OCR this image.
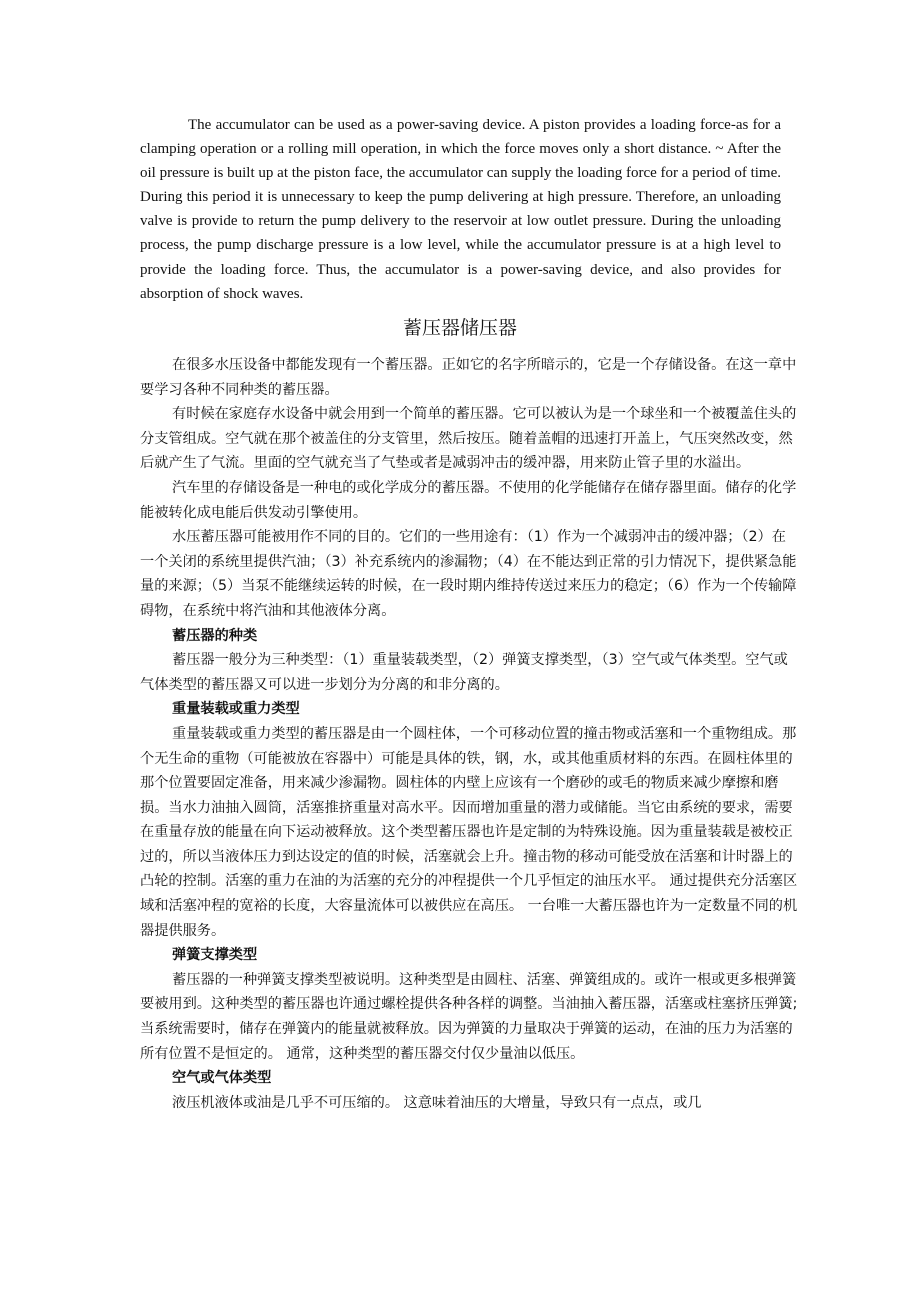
The accumulator can be used as a power-saving device. A piston provides a loading force-as for a clamping operation or a rolling mill operation, in which the force moves only a short distance. ~ After the oil pressure is built up at the piston face, the accumulator can supply the loading force for a period of time. During this period it is unnecessary to keep the pump delivering at high pressure. Therefore, an unloading valve is provide to return the pump delivery to the reservoir at low outlet pressure. During the unloading process, the pump discharge pressure is a low level, while the accumulator pressure is at a high level to provide the loading force. Thus, the accumulator is a power-saving device, and also provides for absorption of shock waves.

蓄压器储压器

在很多水压设备中都能发现有一个蓄压器。正如它的名字所暗示的，它是一个存储设备。在这一章中要学习各种不同种类的蓄压器。

有时候在家庭存水设备中就会用到一个简单的蓄压器。它可以被认为是一个球坐和一个被覆盖住头的分支管组成。空气就在那个被盖住的分支管里，然后按压。随着盖帽的迅速打开盖上，气压突然改变，然后就产生了气流。里面的空气就充当了气垫或者是减弱冲击的缓冲器，用来防止管子里的水溢出。

汽车里的存储设备是一种电的或化学成分的蓄压器。不使用的化学能储存在储存器里面。储存的化学能被转化成电能后供发动引擎使用。

水压蓄压器可能被用作不同的目的。它们的一些用途有：（1）作为一个减弱冲击的缓冲器；（2）在一个关闭的系统里提供汽油；（3）补充系统内的渗漏物；（4）在不能达到正常的引力情况下，提供紧急能量的来源；（5）当泵不能继续运转的时候，在一段时期内维持传送过来压力的稳定；（6）作为一个传输障碍物，在系统中将汽油和其他液体分离。

蓄压器的种类

蓄压器一般分为三种类型：（1）重量装载类型，（2）弹簧支撑类型，（3）空气或气体类型。空气或气体类型的蓄压器又可以进一步划分为分离的和非分离的。

重量装载或重力类型

重量装载或重力类型的蓄压器是由一个圆柱体，一个可移动位置的撞击物或活塞和一个重物组成。那个无生命的重物（可能被放在容器中）可能是具体的铁，钢，水，或其他重质材料的东西。在圆柱体里的那个位置要固定准备，用来减少渗漏物。圆柱体的内壁上应该有一个磨砂的或毛的物质来减少摩擦和磨损。当水力油抽入圆筒，活塞推挤重量对高水平。因而增加重量的潜力或储能。当它由系统的要求，需要在重量存放的能量在向下运动被释放。这个类型蓄压器也许是定制的为特殊设施。因为重量装载是被校正过的，所以当液体压力到达设定的值的时候，活塞就会上升。撞击物的移动可能受放在活塞和计时器上的凸轮的控制。活塞的重力在油的为活塞的充分的冲程提供一个几乎恒定的油压水平。 通过提供充分活塞区域和活塞冲程的宽裕的长度，大容量流体可以被供应在高压。 一台唯一大蓄压器也许为一定数量不同的机器提供服务。

弹簧支撑类型

蓄压器的一种弹簧支撑类型被说明。这种类型是由圆柱、活塞、弹簧组成的。或许一根或更多根弹簧要被用到。这种类型的蓄压器也许通过螺栓提供各种各样的调整。当油抽入蓄压器，活塞或柱塞挤压弹簧; 当系统需要时，储存在弹簧内的能量就被释放。因为弹簧的力量取决于弹簧的运动，在油的压力为活塞的所有位置不是恒定的。 通常，这种类型的蓄压器交付仅少量油以低压。

空气或气体类型

液压机液体或油是几乎不可压缩的。 这意味着油压的大增量，导致只有一点点，或几
